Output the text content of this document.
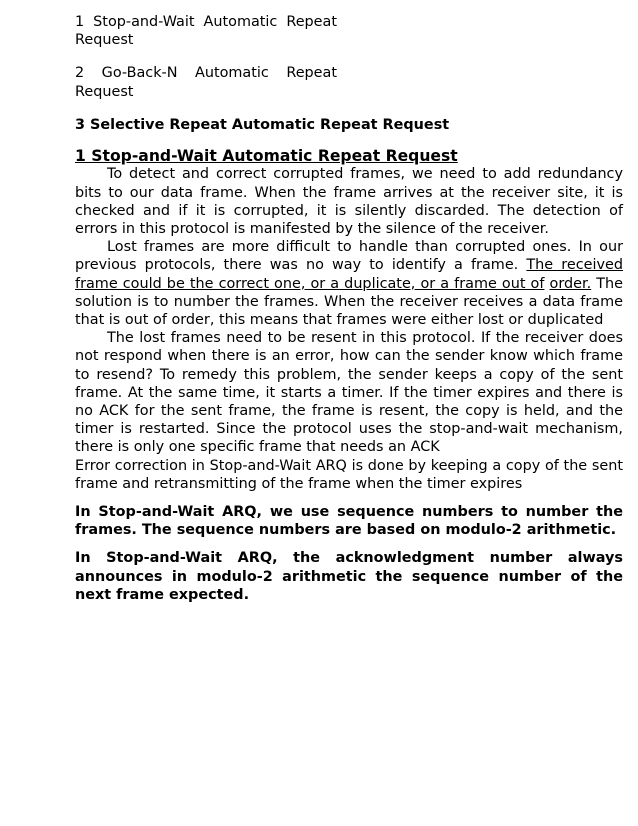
1 Stop-and-Wait Automatic Repeat Request

2 Go-Back-N Automatic Repeat Request

3 Selective Repeat Automatic Repeat Request

1 Stop-and-Wait Automatic Repeat Request

To detect and correct corrupted frames, we need to add redundancy bits to our data frame. When the frame arrives at the receiver site, it is checked and if it is corrupted, it is silently discarded. The detection of errors in this protocol is manifested by the silence of the receiver.

Lost frames are more difficult to handle than corrupted ones. In our previous protocols, there was no way to identify a frame. The received frame could be the correct one, or a duplicate, or a frame out of order. The solution is to number the frames. When the receiver receives a data frame that is out of order, this means that frames were either lost or duplicated

The lost frames need to be resent in this protocol. If the receiver does not respond when there is an error, how can the sender know which frame to resend? To remedy this problem, the sender keeps a copy of the sent frame. At the same time, it starts a timer. If the timer expires and there is no ACK for the sent frame, the frame is resent, the copy is held, and the timer is restarted. Since the protocol uses the stop-and-wait mechanism, there is only one specific frame that needs an ACK

Error correction in Stop-and-Wait ARQ is done by keeping a copy of the sent frame and retransmitting of the frame when the timer expires

In Stop-and-Wait ARQ, we use sequence numbers to number the frames. The sequence numbers are based on modulo-2 arithmetic.

In Stop-and-Wait ARQ, the acknowledgment number always announces in modulo-2 arithmetic the sequence number of the next frame expected.
